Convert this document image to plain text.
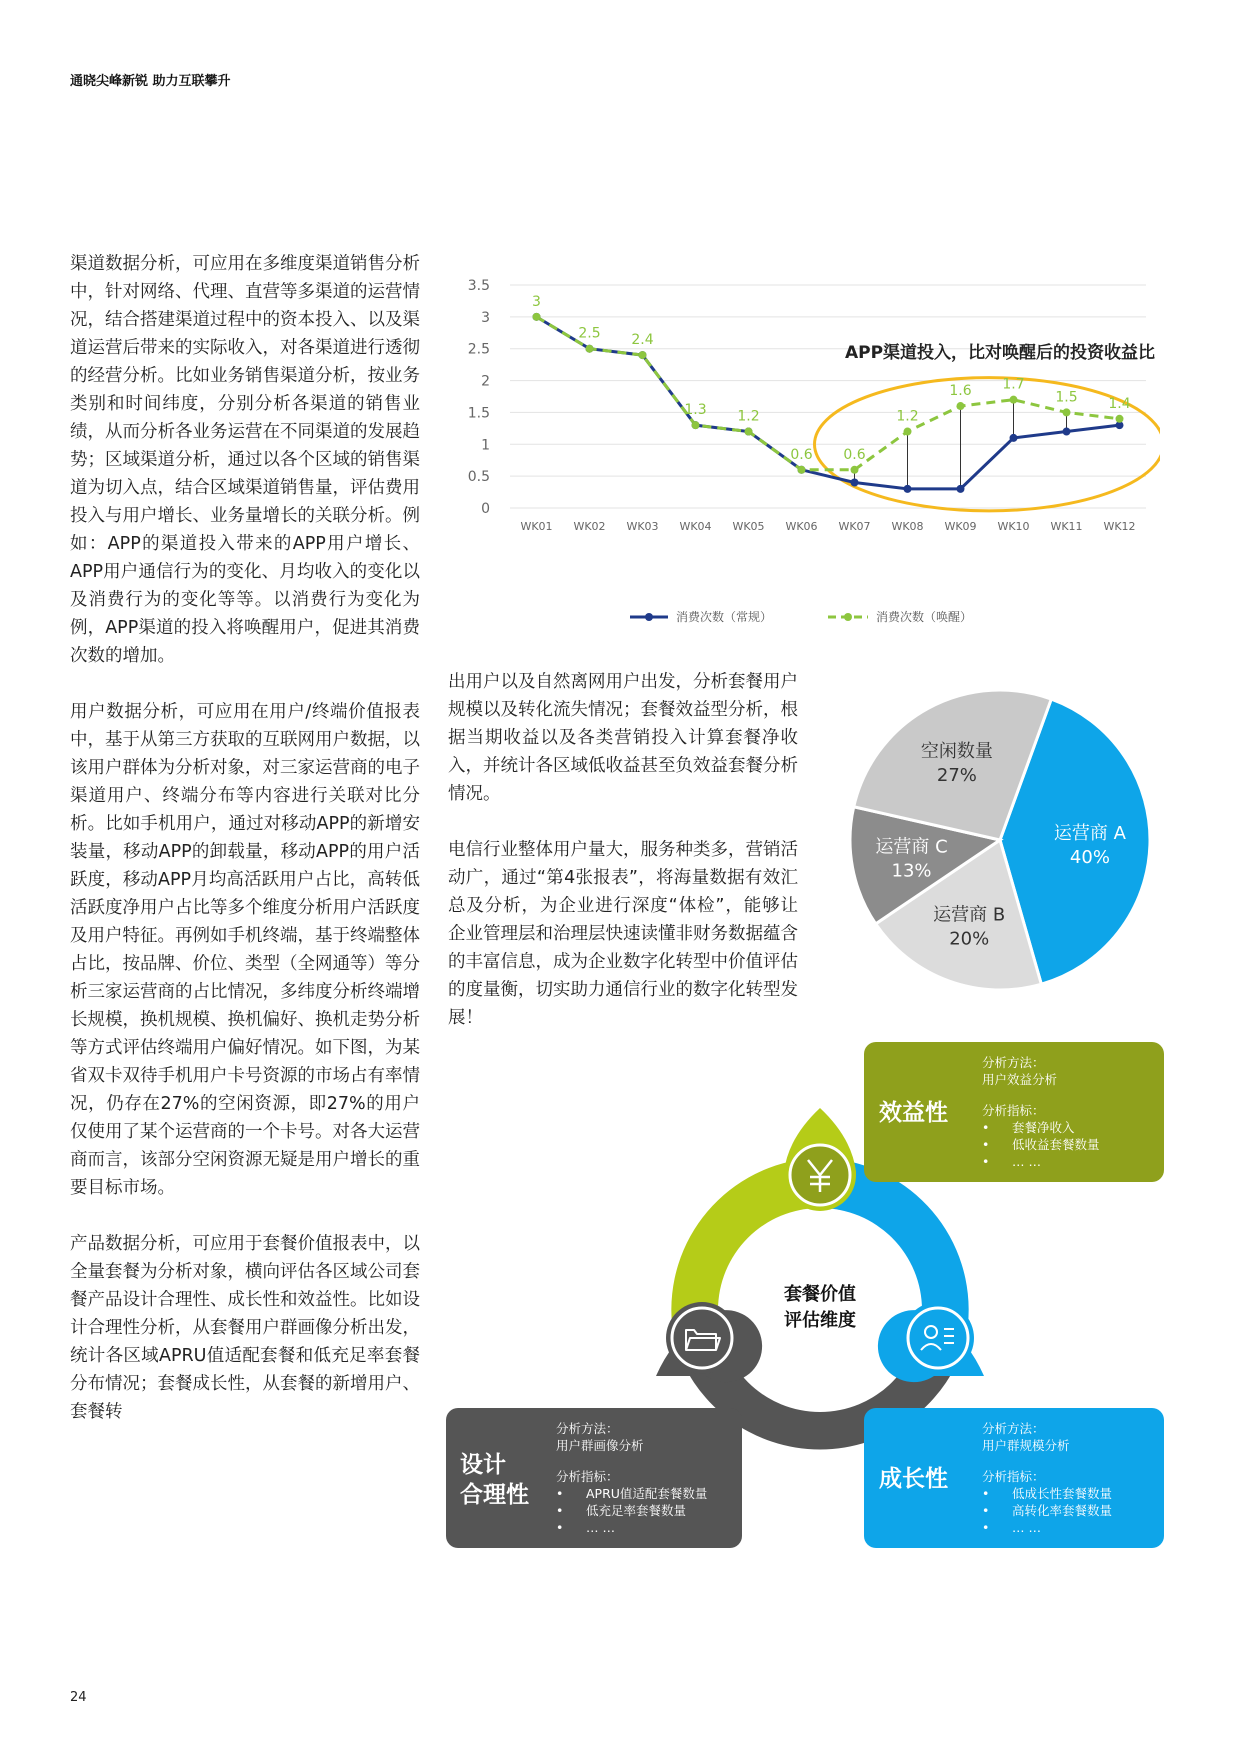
通晓尖峰新锐 助力互联攀升

渠道数据分析，可应用在多维度渠道销售分析中，针对网络、代理、直营等多渠道的运营情况，结合搭建渠道过程中的资本投入、以及渠道运营后带来的实际收入，对各渠道进行透彻的经营分析。比如业务销售渠道分析，按业务类别和时间纬度，分别分析各渠道的销售业绩，从而分析各业务运营在不同渠道的发展趋势；区域渠道分析，通过以各个区域的销售渠道为切入点，结合区域渠道销售量，评估费用投入与用户增长、业务量增长的关联分析。例如：APP的渠道投入带来的APP用户增长、APP用户通信行为的变化、月均收入的变化以及消费行为的变化等等。以消费行为变化为例，APP渠道的投入将唤醒用户，促进其消费次数的增加。

用户数据分析，可应用在用户/终端价值报表中，基于从第三方获取的互联网用户数据，以该用户群体为分析对象，对三家运营商的电子渠道用户、终端分布等内容进行关联对比分析。比如手机用户，通过对移动APP的新增安装量，移动APP的卸载量，移动APP的用户活跃度，移动APP月均高活跃用户占比，高转低活跃度净用户占比等多个维度分析用户活跃度及用户特征。再例如手机终端，基于终端整体占比，按品牌、价位、类型（全网通等）等分析三家运营商的占比情况，多纬度分析终端增长规模，换机规模、换机偏好、换机走势分析等方式评估终端用户偏好情况。如下图，为某省双卡双待手机用户卡号资源的市场占有率情况，仍存在27%的空闲资源，即27%的用户仅使用了某个运营商的一个卡号。对各大运营商而言，该部分空闲资源无疑是用户增长的重要目标市场。

产品数据分析，可应用于套餐价值报表中，以全量套餐为分析对象，横向评估各区域公司套餐产品设计合理性、成长性和效益性。比如设计合理性分析，从套餐用户群画像分析出发，统计各区域APRU值适配套餐和低充足率套餐分布情况；套餐成长性，从套餐的新增用户、套餐转

0
0.5
1
1.5
2
2.5
3
3.5
WK01 WK02 WK03 WK04 WK05 WK06 WK07 WK08 WK09 WK10 WK11 WK12
3
2.5 2.4
1.3 1.2
0.6 0.6
1.2
1.6 1.7
1.5 1.4
APP渠道投入，比对唤醒后的投资收益比
消费次数（常规）	消费次数（唤醒）

出用户以及自然离网用户出发，分析套餐用户规模以及转化流失情况；套餐效益型分析，根据当期收益以及各类营销投入计算套餐净收入，并统计各区域低收益甚至负效益套餐分析情况。

电信行业整体用户量大，服务种类多，营销活动广，通过“第4张报表”，将海量数据有效汇总及分析，为企业进行深度“体检”，能够让企业管理层和治理层快速读懂非财务数据蕴含的丰富信息，成为企业数字化转型中价值评估的度量衡，切实助力通信行业的数字化转型发展！

运营商 A
40%
运营商 B
20%
运营商 C
13%
空闲数量
27%
套餐价值
评估维度
效益性
分析方法：
用户效益分析
分析指标：
• 套餐净收入
• 低收益套餐数量
• … …
设计
合理性
分析方法：
用户群画像分析
分析指标：
• APRU值适配套餐数量
• 低充足率套餐数量
• … …
成长性
分析方法：
用户群规模分析
分析指标：
• 低成长性套餐数量
• 高转化率套餐数量
• … …
24
